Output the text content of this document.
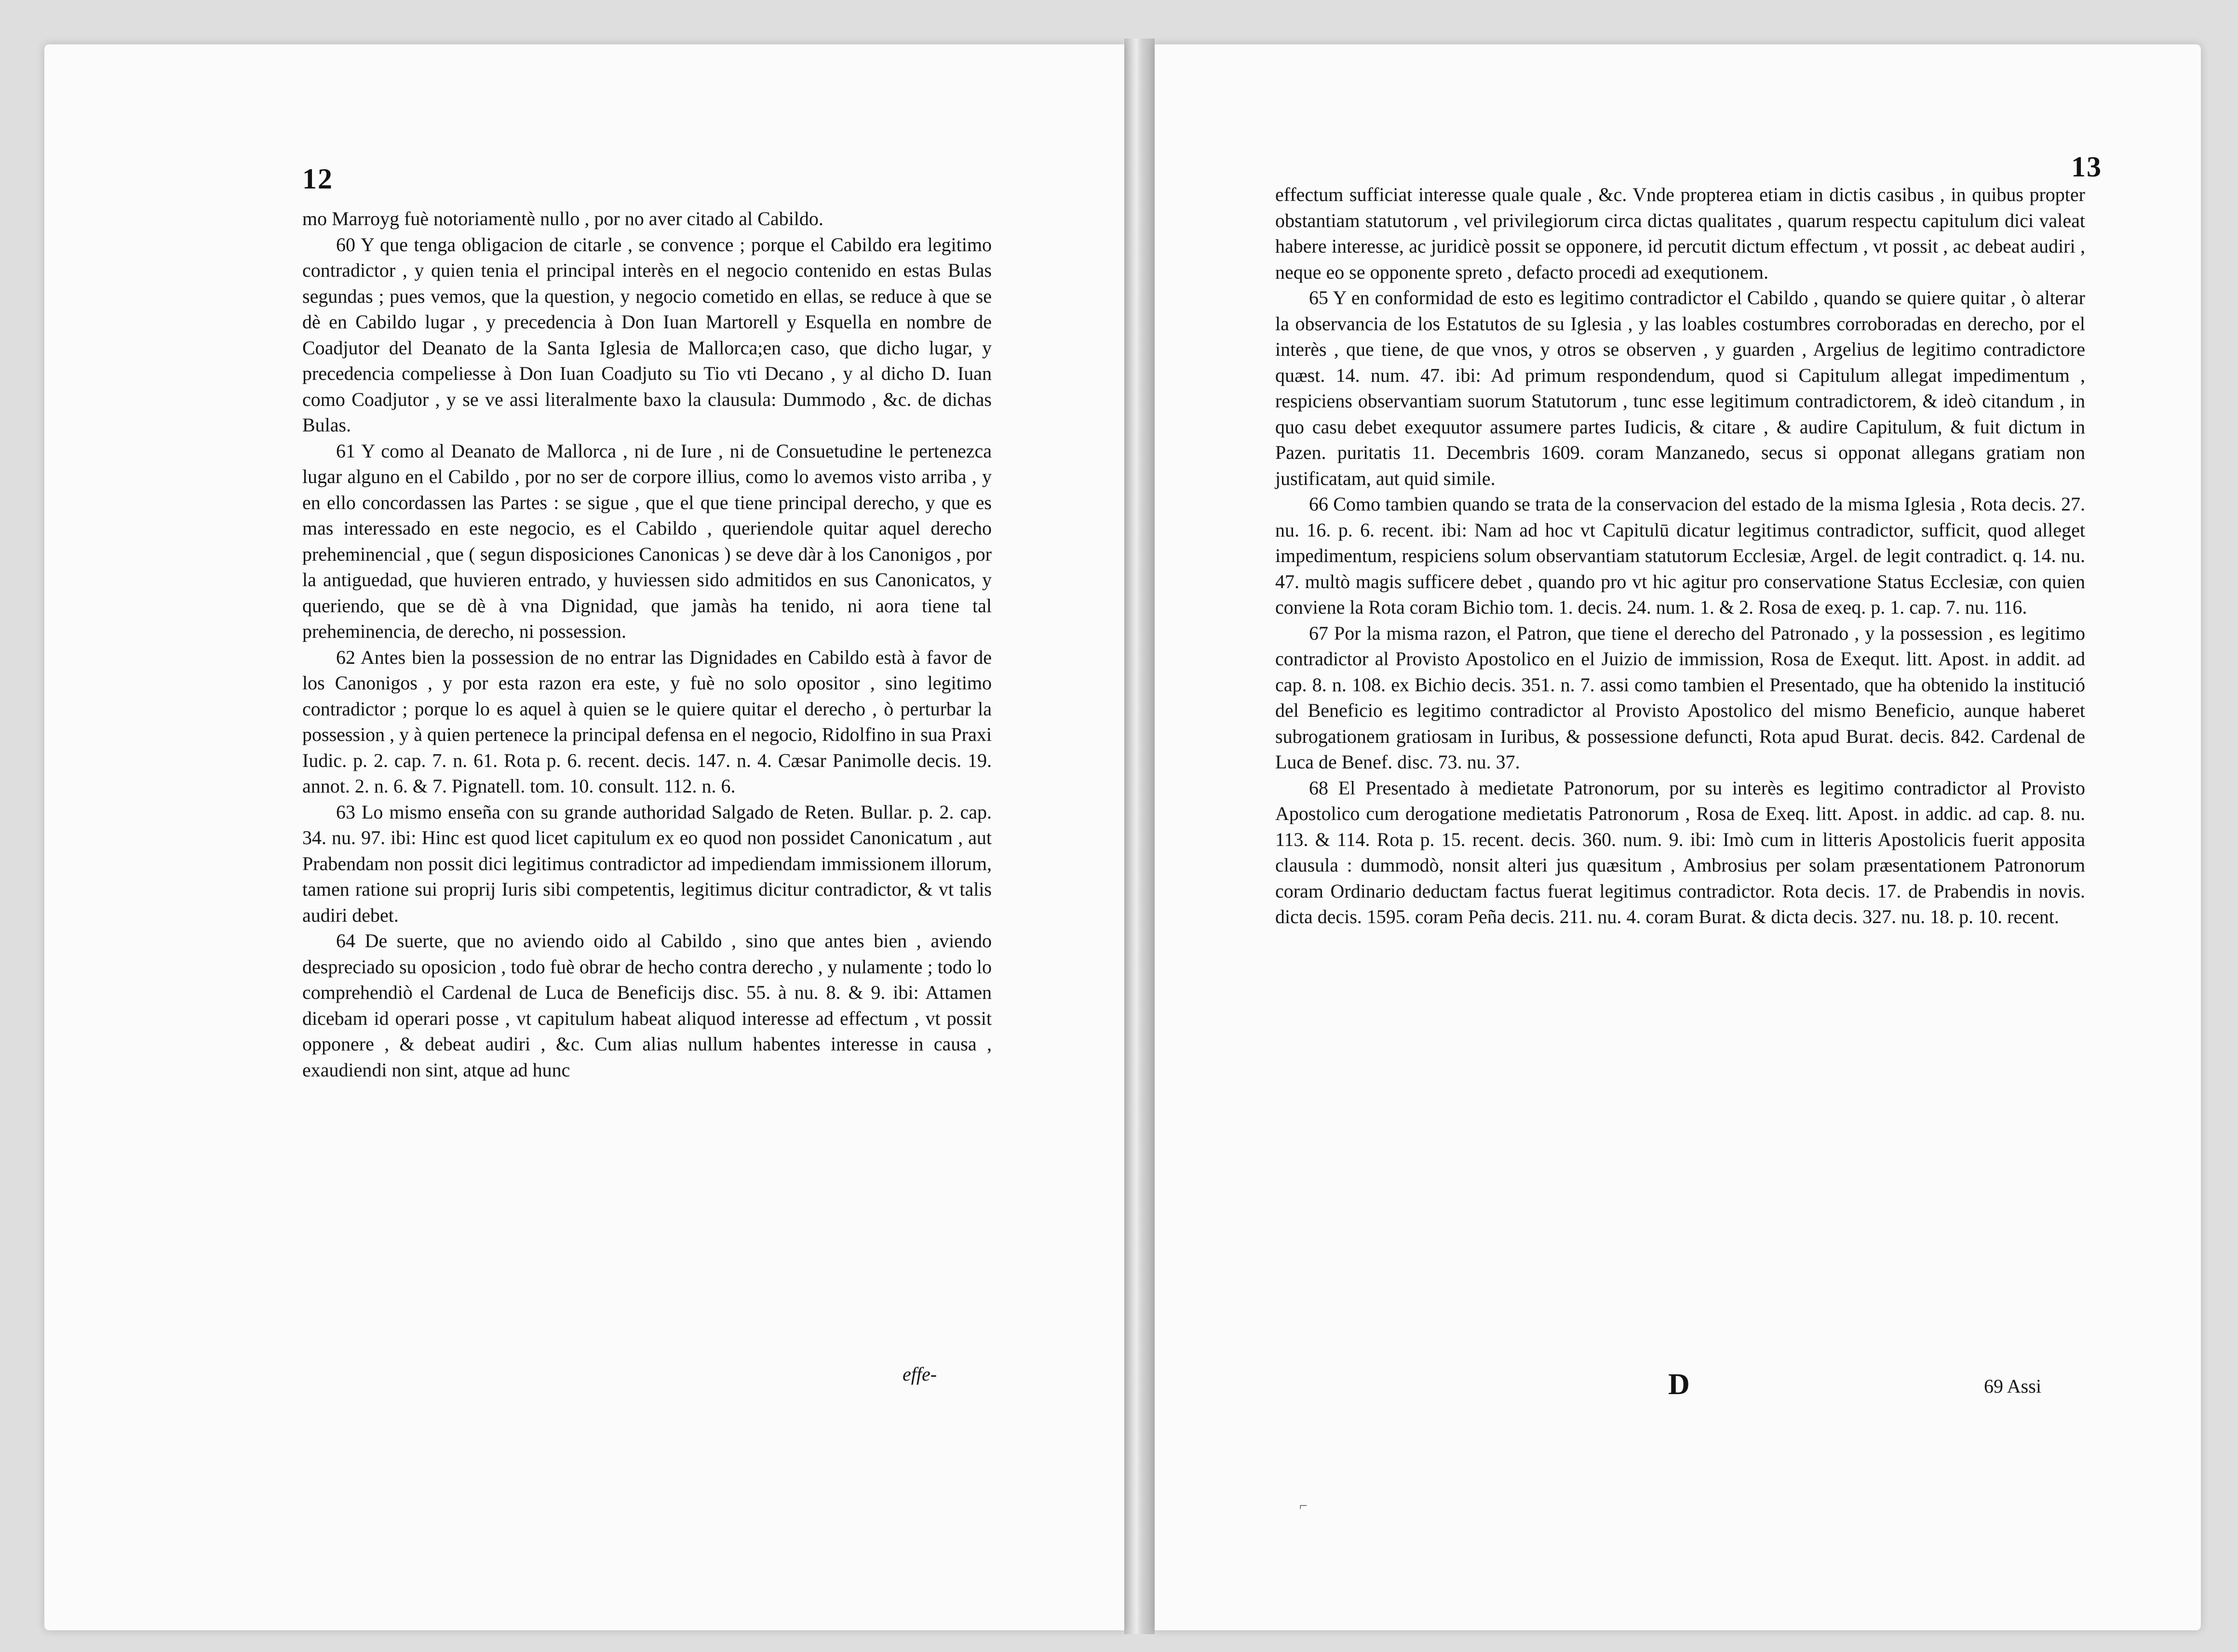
12

mo Marroyg fuè notoriamentè nullo , por no aver citado al Cabildo.

60 Y que tenga obligacion de citarle , se convence ; porque el Cabildo era legitimo contradictor , y quien tenia el principal interès en el negocio contenido en estas Bulas segundas ; pues vemos, que la question, y negocio cometido en ellas, se reduce à que se dè en Cabildo lugar , y precedencia à Don Iuan Martorell y Esquella en nombre de Coadjutor del Deanato de la Santa Iglesia de Mallorca;en caso, que dicho lugar, y precedencia compeliesse à Don Iuan Coadjuto su Tio vti Decano , y al dicho D. Iuan como Coadjutor , y se ve assi literalmente baxo la clausula: Dummodo , &c. de dichas Bulas.

61 Y como al Deanato de Mallorca , ni de Iure , ni de Consuetudine le pertenezca lugar alguno en el Cabildo , por no ser de corpore illius, como lo avemos visto arriba , y en ello concordassen las Partes : se sigue , que el que tiene principal derecho, y que es mas interessado en este negocio, es el Cabildo , queriendole quitar aquel derecho preheminencial , que ( segun disposiciones Canonicas ) se deve dàr à los Canonigos , por la antiguedad, que huvieren entrado, y huviessen sido admitidos en sus Canonicatos, y queriendo, que se dè à vna Dignidad, que jamàs ha tenido, ni aora tiene tal preheminencia, de derecho, ni possession.

62 Antes bien la possession de no entrar las Dignidades en Cabildo està à favor de los Canonigos , y por esta razon era este, y fuè no solo opositor , sino legitimo contradictor ; porque lo es aquel à quien se le quiere quitar el derecho , ò perturbar la possession , y à quien pertenece la principal defensa en el negocio, Ridolfino in sua Praxi Iudic. p. 2. cap. 7. n. 61. Rota p. 6. recent. decis. 147. n. 4. Cæsar Panimolle decis. 19. annot. 2. n. 6. & 7. Pignatell. tom. 10. consult. 112. n. 6.

63 Lo mismo enseña con su grande authoridad Salgado de Reten. Bullar. p. 2. cap. 34. nu. 97. ibi: Hinc est quod licet capitulum ex eo quod non possidet Canonicatum , aut Prabendam non possit dici legitimus contradictor ad impediendam immissionem illorum, tamen ratione sui proprij Iuris sibi competentis, legitimus dicitur contradictor, & vt talis audiri debet.

64 De suerte, que no aviendo oido al Cabildo , sino que antes bien , aviendo despreciado su oposicion , todo fuè obrar de hecho contra derecho , y nulamente ; todo lo comprehendiò el Cardenal de Luca de Beneficijs disc. 55. à nu. 8. & 9. ibi: Attamen dicebam id operari posse , vt capitulum habeat aliquod interesse ad effectum , vt possit opponere , & debeat audiri , &c. Cum alias nullum habentes interesse in causa , exaudiendi non sint, atque ad hunc

effe-
13

effectum sufficiat interesse quale quale , &c. Vnde propterea etiam in dictis casibus , in quibus propter obstantiam statutorum , vel privilegiorum circa dictas qualitates , quarum respectu capitulum dici valeat habere interesse, ac juridicè possit se opponere, id percutit dictum effectum , vt possit , ac debeat audiri , neque eo se opponente spreto , defacto procedi ad exequtionem.

65 Y en conformidad de esto es legitimo contradictor el Cabildo , quando se quiere quitar , ò alterar la observancia de los Estatutos de su Iglesia , y las loables costumbres corroboradas en derecho, por el interès , que tiene, de que vnos, y otros se observen , y guarden , Argelius de legitimo contradictore quæst. 14. num. 47. ibi: Ad primum respondendum, quod si Capitulum allegat impedimentum , respiciens observantiam suorum Statutorum , tunc esse legitimum contradictorem, & ideò citandum , in quo casu debet exequutor assumere partes Iudicis, & citare , & audire Capitulum, & fuit dictum in Pazen. puritatis 11. Decembris 1609. coram Manzanedo, secus si opponat allegans gratiam non justificatam, aut quid simile.

66 Como tambien quando se trata de la conservacion del estado de la misma Iglesia , Rota decis. 27. nu. 16. p. 6. recent. ibi: Nam ad hoc vt Capitulū dicatur legitimus contradictor, sufficit, quod alleget impedimentum, respiciens solum observantiam statutorum Ecclesiæ, Argel. de legit contradict. q. 14. nu. 47. multò magis sufficere debet , quando pro vt hic agitur pro conservatione Status Ecclesiæ, con quien conviene la Rota coram Bichio tom. 1. decis. 24. num. 1. & 2. Rosa de exeq. p. 1. cap. 7. nu. 116.

67 Por la misma razon, el Patron, que tiene el derecho del Patronado , y la possession , es legitimo contradictor al Provisto Apostolico en el Juizio de immission, Rosa de Exequt. litt. Apost. in addit. ad cap. 8. n. 108. ex Bichio decis. 351. n. 7. assi como tambien el Presentado, que ha obtenido la institució del Beneficio es legitimo contradictor al Provisto Apostolico del mismo Beneficio, aunque haberet subrogationem gratiosam in Iuribus, & possessione defuncti, Rota apud Burat. decis. 842. Cardenal de Luca de Benef. disc. 73. nu. 37.

68 El Presentado à medietate Patronorum, por su interès es legitimo contradictor al Provisto Apostolico cum derogatione medietatis Patronorum , Rosa de Exeq. litt. Apost. in addic. ad cap. 8. nu. 113. & 114. Rota p. 15. recent. decis. 360. num. 9. ibi: Imò cum in litteris Apostolicis fuerit apposita clausula : dummodò, nonsit alteri jus quæsitum , Ambrosius per solam præsentationem Patronorum coram Ordinario deductam factus fuerat legitimus contradictor. Rota decis. 17. de Prabendis in novis. dicta decis. 1595. coram Peña decis. 211. nu. 4. coram Burat. & dicta decis. 327. nu. 18. p. 10. recent.

D	69 Assi
⌐
